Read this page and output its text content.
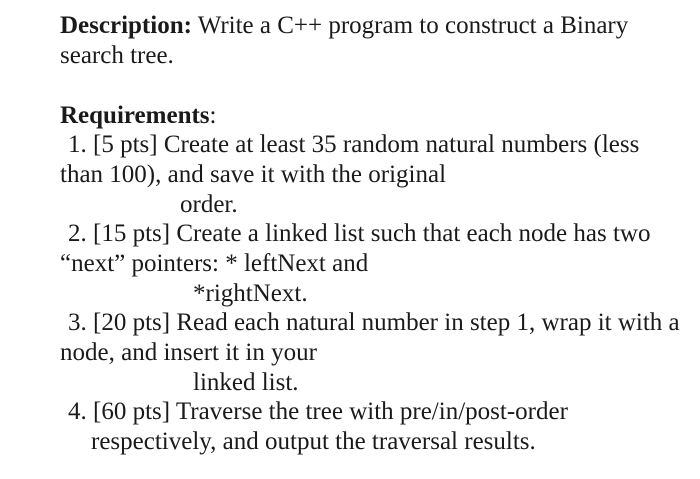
Description: Write a C++ program to construct a Binary
search tree.
Requirements:
1. [5 pts] Create at least 35 random natural numbers (less
than 100), and save it with the original
order.
2. [15 pts] Create a linked list such that each node has two
“next” pointers: * leftNext and
*rightNext.
3. [20 pts] Read each natural number in step 1, wrap it with a
node, and insert it in your
linked list.
4. [60 pts] Traverse the tree with pre/in/post-order
respectively, and output the traversal results.
